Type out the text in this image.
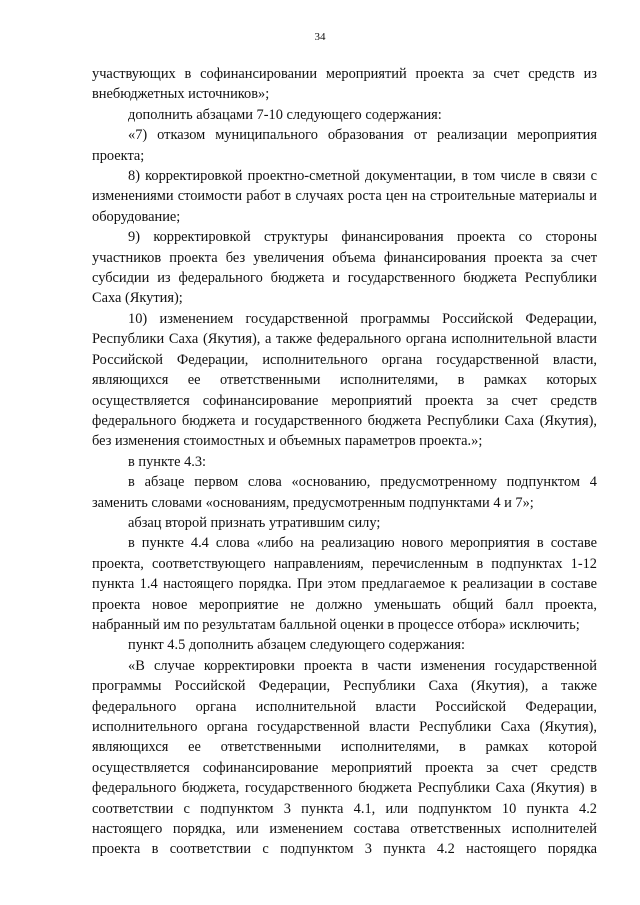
34

участвующих в софинансировании мероприятий проекта за счет средств из внебюджетных источников»;

дополнить абзацами 7-10 следующего содержания:

«7) отказом муниципального образования от реализации мероприятия проекта;

8) корректировкой проектно-сметной документации, в том числе в связи с изменениями стоимости работ в случаях роста цен на строительные материалы и оборудование;

9) корректировкой структуры финансирования проекта со стороны участников проекта без увеличения объема финансирования проекта за счет субсидии из федерального бюджета и государственного бюджета Республики Саха (Якутия);

10) изменением государственной программы Российской Федерации, Республики Саха (Якутия), а также федерального органа исполнительной власти Российской Федерации, исполнительного органа государственной власти, являющихся ее ответственными исполнителями, в рамках которых осуществляется софинансирование мероприятий проекта за счет средств федерального бюджета и государственного бюджета Республики Саха (Якутия), без изменения стоимостных и объемных параметров проекта.»;

в пункте 4.3:

в абзаце первом слова «основанию, предусмотренному подпунктом 4 заменить словами «основаниям, предусмотренным подпунктами 4 и 7»;

абзац второй признать утратившим силу;

в пункте 4.4 слова «либо на реализацию нового мероприятия в составе проекта, соответствующего направлениям, перечисленным в подпунктах 1-12 пункта 1.4 настоящего порядка. При этом предлагаемое к реализации в составе проекта новое мероприятие не должно уменьшать общий балл проекта, набранный им по результатам балльной оценки в процессе отбора» исключить;

пункт 4.5 дополнить абзацем следующего содержания:

«В случае корректировки проекта в части изменения государственной программы Российской Федерации, Республики Саха (Якутия), а также федерального органа исполнительной власти Российской Федерации, исполнительного органа государственной власти Республики Саха (Якутия), являющихся ее ответственными исполнителями, в рамках которой осуществляется софинансирование мероприятий проекта за счет средств федерального бюджета, государственного бюджета Республики Саха (Якутия) в соответствии с подпунктом 3 пункта 4.1, или подпунктом 10 пункта 4.2 настоящего порядка, или изменением состава ответственных исполнителей проекта в соответствии с подпунктом 3 пункта 4.2 настоящего порядка
